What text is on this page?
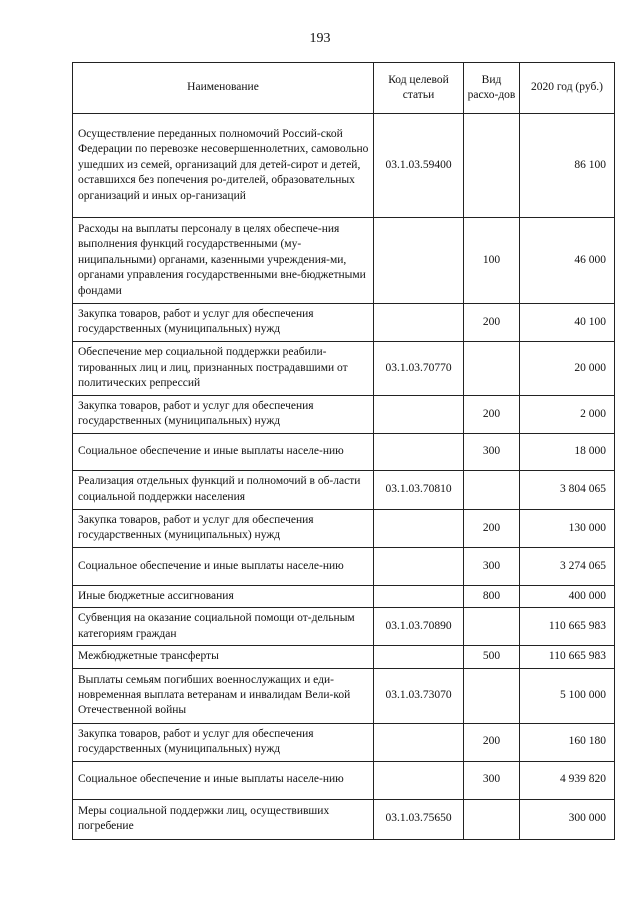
193
Наименование	Код целевой статьи	Вид расхо-дов	2020 год (руб.)
Осуществление переданных полномочий Россий-ской Федерации по перевозке несовершеннолетних, самовольно ушедших из семей, организаций для детей-сирот и детей, оставшихся без попечения ро-дителей, образовательных организаций и иных ор-ганизаций	03.1.03.59400		86 100
Расходы на выплаты персоналу в целях обеспече-ния выполнения функций государственными (му-ниципальными) органами, казенными учреждения-ми, органами управления государственными вне-бюджетными фондами		100	46 000
Закупка товаров, работ и услуг для обеспечения государственных (муниципальных) нужд		200	40 100
Обеспечение мер социальной поддержки реабили-тированных лиц и лиц, признанных пострадавшими от политических репрессий	03.1.03.70770		20 000
Закупка товаров, работ и услуг для обеспечения государственных (муниципальных) нужд		200	2 000
Социальное обеспечение и иные выплаты населе-нию		300	18 000
Реализация отдельных функций и полномочий в об-ласти социальной поддержки населения	03.1.03.70810		3 804 065
Закупка товаров, работ и услуг для обеспечения государственных (муниципальных) нужд		200	130 000
Социальное обеспечение и иные выплаты населе-нию		300	3 274 065
Иные бюджетные ассигнования		800	400 000
Субвенция на оказание социальной помощи от-дельным категориям граждан	03.1.03.70890		110 665 983
Межбюджетные трансферты		500	110 665 983
Выплаты семьям погибших военнослужащих и еди-новременная выплата ветеранам и инвалидам Вели-кой Отечественной войны	03.1.03.73070		5 100 000
Закупка товаров, работ и услуг для обеспечения государственных (муниципальных) нужд		200	160 180
Социальное обеспечение и иные выплаты населе-нию		300	4 939 820
Меры социальной поддержки лиц, осуществивших погребение	03.1.03.75650		300 000
